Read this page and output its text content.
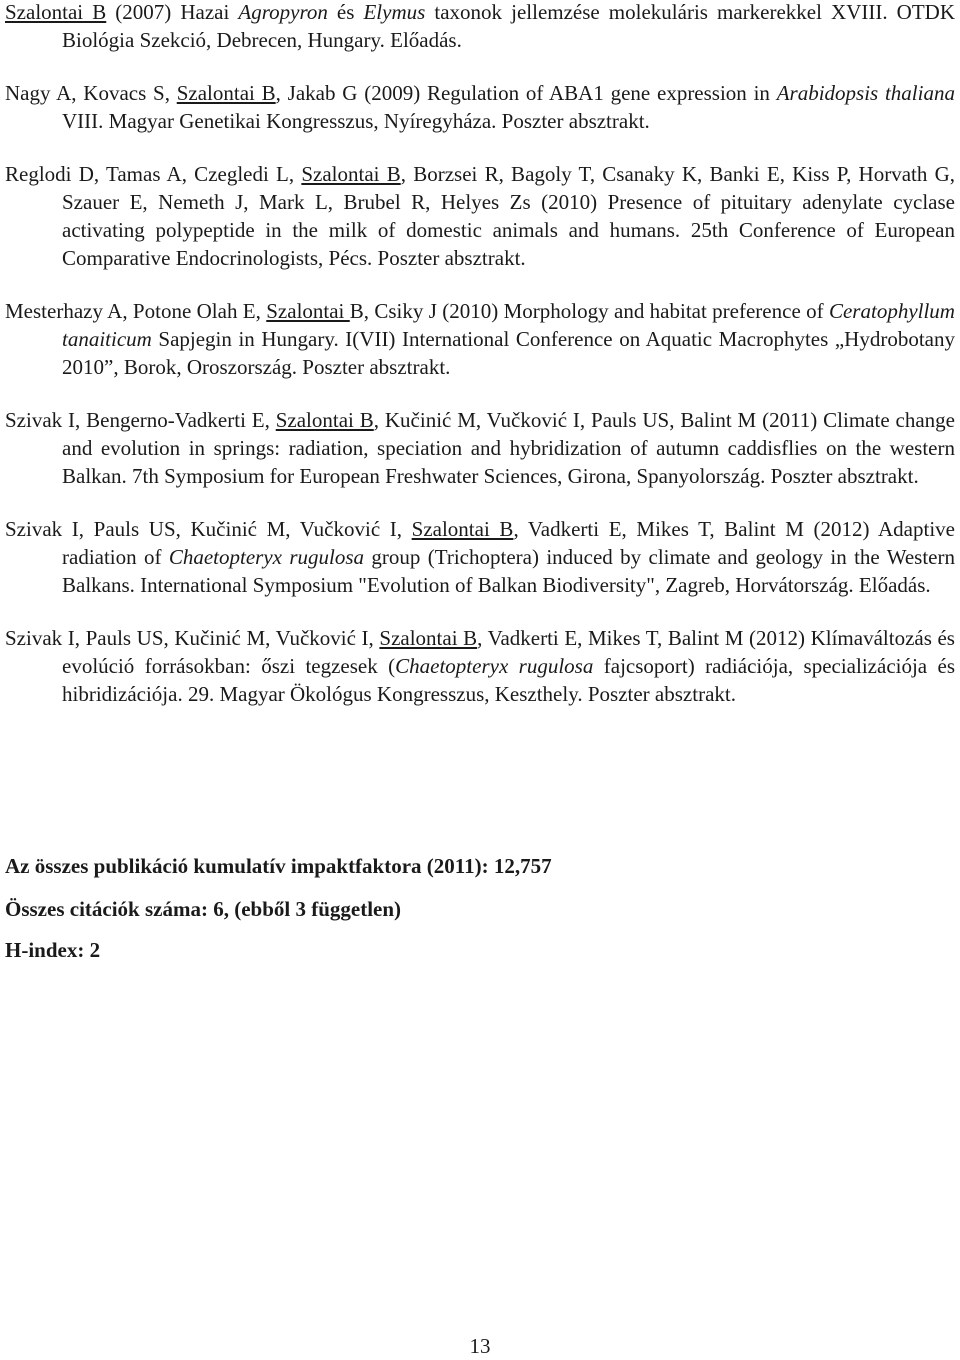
Szalontai B (2007) Hazai Agropyron és Elymus taxonok jellemzése molekuláris markerekkel XVIII. OTDK Biológia Szekció, Debrecen, Hungary. Előadás.

Nagy A, Kovacs S, Szalontai B, Jakab G (2009) Regulation of ABA1 gene expression in Arabidopsis thaliana VIII. Magyar Genetikai Kongresszus, Nyíregyháza. Poszter absztrakt.

Reglodi D, Tamas A, Czegledi L, Szalontai B, Borzsei R, Bagoly T, Csanaky K, Banki E, Kiss P, Horvath G, Szauer E, Nemeth J, Mark L, Brubel R, Helyes Zs (2010) Presence of pituitary adenylate cyclase activating polypeptide in the milk of domestic animals and humans. 25th Conference of European Comparative Endocrinologists, Pécs. Poszter absztrakt.

Mesterhazy A, Potone Olah E, Szalontai B, Csiky J (2010) Morphology and habitat preference of Ceratophyllum tanaiticum Sapjegin in Hungary. I(VII) International Conference on Aquatic Macrophytes „Hydrobotany 2010”, Borok, Oroszország. Poszter absztrakt.

Szivak I, Bengerno-Vadkerti E, Szalontai B, Kučinić M, Vučković I, Pauls US, Balint M (2011) Climate change and evolution in springs: radiation, speciation and hybridization of autumn caddisflies on the western Balkan. 7th Symposium for European Freshwater Sciences, Girona, Spanyolország. Poszter absztrakt.

Szivak I, Pauls US, Kučinić M, Vučković I, Szalontai B, Vadkerti E, Mikes T, Balint M (2012) Adaptive radiation of Chaetopteryx rugulosa group (Trichoptera) induced by climate and geology in the Western Balkans. International Symposium "Evolution of Balkan Biodiversity", Zagreb, Horvátország. Előadás.

Szivak I, Pauls US, Kučinić M, Vučković I, Szalontai B, Vadkerti E, Mikes T, Balint M (2012) Klímaváltozás és evolúció forrásokban: őszi tegzesek (Chaetopteryx rugulosa fajcsoport) radiációja, specializációja és hibridizációja. 29. Magyar Ökológus Kongresszus, Keszthely. Poszter absztrakt.

Az összes publikáció kumulatív impaktfaktora (2011): 12,757

Összes citációk száma: 6, (ebből 3 független)

H-index: 2

13
